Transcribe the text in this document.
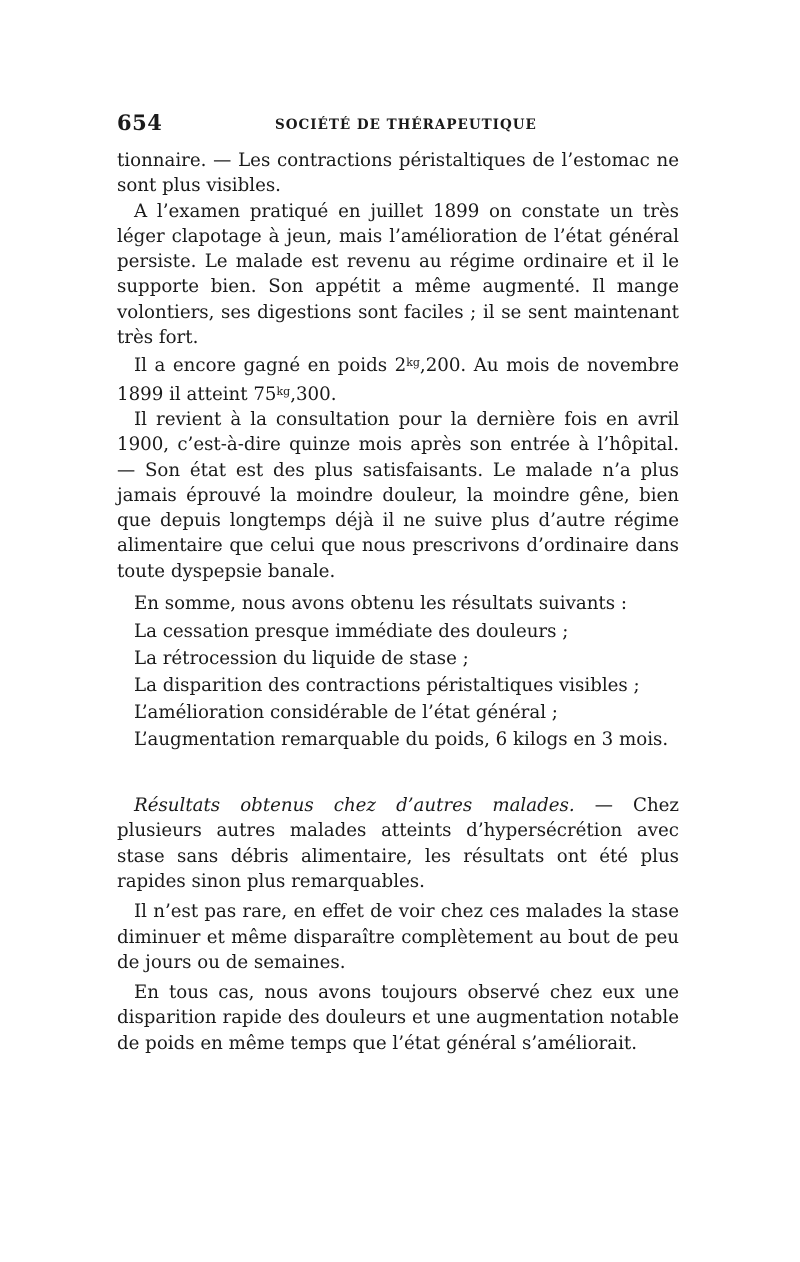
654	SOCIÉTÉ DE THÉRAPEUTIQUE

tionnaire. — Les contractions péristaltiques de l’estomac ne sont plus visibles.

A l’examen pratiqué en juillet 1899 on constate un très léger clapotage à jeun, mais l’amélioration de l’état général persiste. Le malade est revenu au régime ordinaire et il le supporte bien. Son appétit a même augmenté. Il mange volontiers, ses digestions sont faciles ; il se sent maintenant très fort.

Il a encore gagné en poids $2^{kg},200$. Au mois de novembre 1899 il atteint $75^{kg},300$.

Il revient à la consultation pour la dernière fois en avril 1900, c’est-à-dire quinze mois après son entrée à l’hôpital. — Son état est des plus satisfaisants. Le malade n’a plus jamais éprouvé la moindre douleur, la moindre gêne, bien que depuis longtemps déjà il ne suive plus d’autre régime alimentaire que celui que nous prescrivons d’ordinaire dans toute dyspepsie banale.

En somme, nous avons obtenu les résultats suivants :

La cessation presque immédiate des douleurs ;

La rétrocession du liquide de stase ;

La disparition des contractions péristaltiques visibles ;

L’amélioration considérable de l’état général ;

L’augmentation remarquable du poids, 6 kilogs en 3 mois.

Résultats obtenus chez d’autres malades. — Chez plusieurs autres malades atteints d’hypersécrétion avec stase sans débris alimentaire, les résultats ont été plus rapides sinon plus remarquables.

Il n’est pas rare, en effet de voir chez ces malades la stase diminuer et même disparaître complètement au bout de peu de jours ou de semaines.

En tous cas, nous avons toujours observé chez eux une disparition rapide des douleurs et une augmentation notable de poids en même temps que l’état général s’améliorait.
